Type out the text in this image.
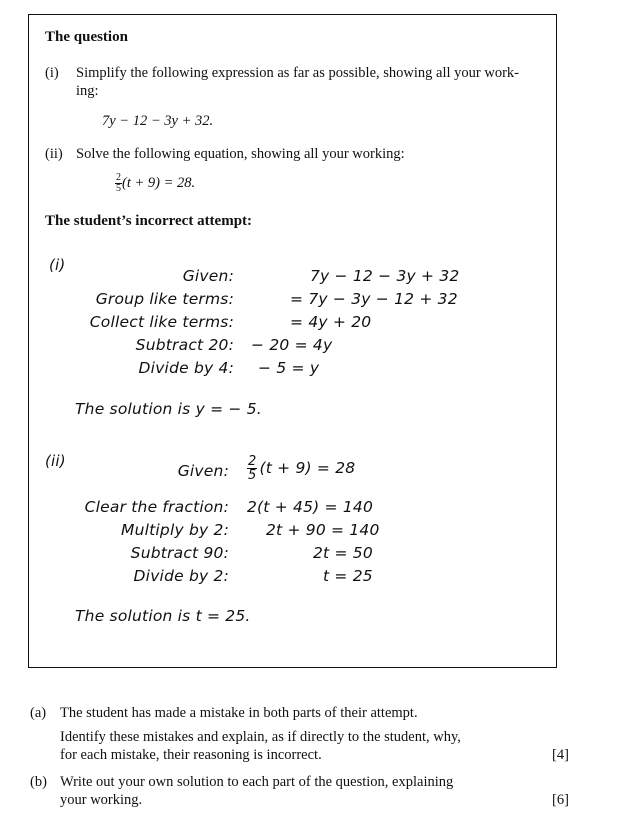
The question
(i) Simplify the following expression as far as possible, showing all your work-
ing:
7y − 12 − 3y + 32.
(ii) Solve the following equation, showing all your working:
$\frac{2}{5} (t + 9) = 28$.
The student’s incorrect attempt:
(i)
Given:
Group like terms:
Collect like terms:
Subtract 20:
Divide by 4:
7y − 12 − 3y + 32
= 7y − 3y − 12 + 32
= 4y + 20
− 20 = 4y
− 5 = y
The solution is y = − 5.
(ii)
Given: $\frac{2}{5} (t + 9) = 28$
Clear the fraction:
Multiply by 2:
Subtract 90:
Divide by 2:
2(t + 45) = 140
2t + 90 = 140
2t = 50
t = 25
The solution is t = 25.
(a) The student has made a mistake in both parts of their attempt.
Identify these mistakes and explain, as if directly to the student, why,
for each mistake, their reasoning is incorrect.	[4]
(b) Write out your own solution to each part of the question, explaining
your working.	[6]
